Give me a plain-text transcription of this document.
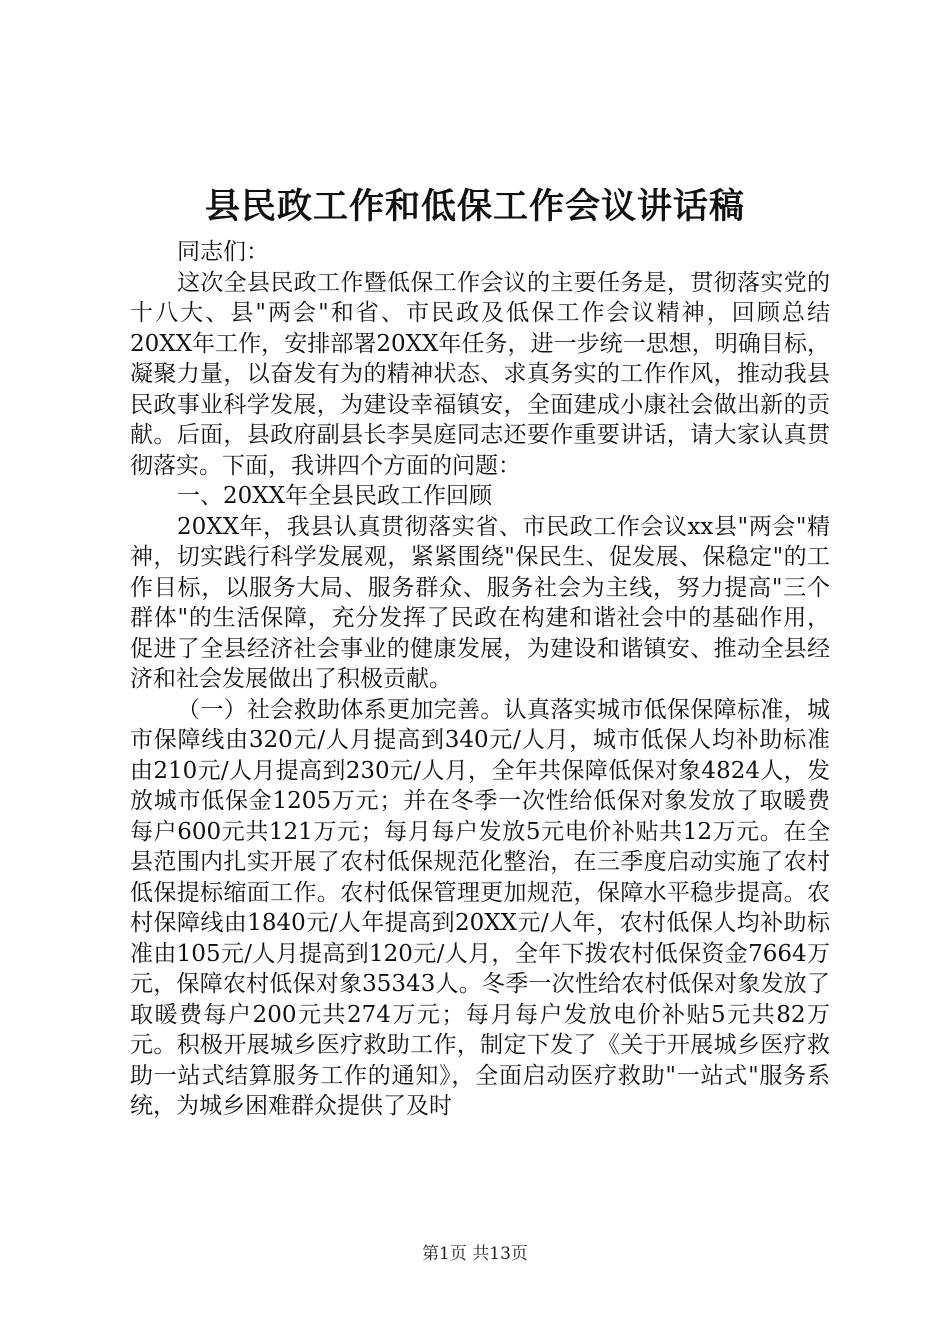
县民政工作和低保工作会议讲话稿

同志们：

这次全县民政工作暨低保工作会议的主要任务是，贯彻落实党的十八大、县"两会"和省、市民政及低保工作会议精神，回顾总结20XX年工作，安排部署20XX年任务，进一步统一思想，明确目标，凝聚力量，以奋发有为的精神状态、求真务实的工作作风，推动我县民政事业科学发展，为建设幸福镇安，全面建成小康社会做出新的贡献。后面，县政府副县长李昊庭同志还要作重要讲话，请大家认真贯彻落实。下面，我讲四个方面的问题：

一、20XX年全县民政工作回顾

20XX年，我县认真贯彻落实省、市民政工作会议xx县"两会"精神，切实践行科学发展观，紧紧围绕"保民生、促发展、保稳定"的工作目标，以服务大局、服务群众、服务社会为主线，努力提高"三个群体"的生活保障，充分发挥了民政在构建和谐社会中的基础作用，促进了全县经济社会事业的健康发展，为建设和谐镇安、推动全县经济和社会发展做出了积极贡献。

（一）社会救助体系更加完善。认真落实城市低保保障标准，城市保障线由320元/人月提高到340元/人月，城市低保人均补助标准由210元/人月提高到230元/人月，全年共保障低保对象4824人，发放城市低保金1205万元；并在冬季一次性给低保对象发放了取暖费每户600元共121万元；每月每户发放5元电价补贴共12万元。在全县范围内扎实开展了农村低保规范化整治，在三季度启动实施了农村低保提标缩面工作。农村低保管理更加规范，保障水平稳步提高。农村保障线由1840元/人年提高到20XX元/人年，农村低保人均补助标准由105元/人月提高到120元/人月，全年下拨农村低保资金7664万元，保障农村低保对象35343人。冬季一次性给农村低保对象发放了取暖费每户200元共274万元；每月每户发放电价补贴5元共82万元。积极开展城乡医疗救助工作，制定下发了《关于开展城乡医疗救助一站式结算服务工作的通知》，全面启动医疗救助"一站式"服务系统，为城乡困难群众提供了及时

第1页 共13页
